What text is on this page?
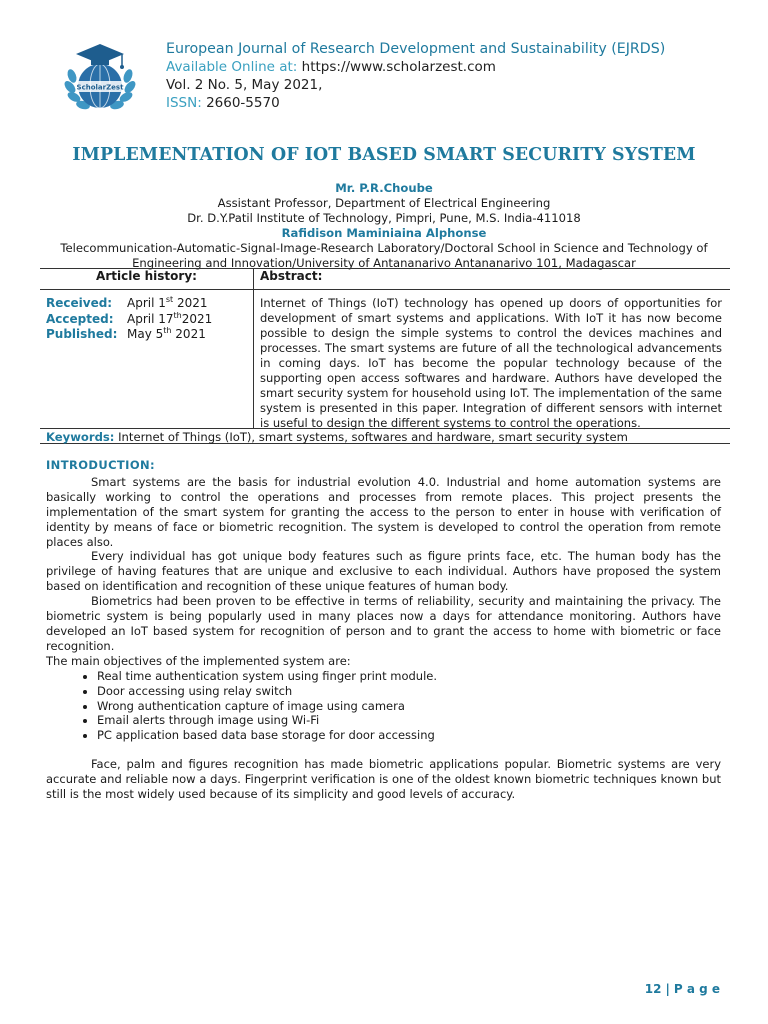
ScholarZest
European Journal of Research Development and Sustainability (EJRDS)
Available Online at: https://www.scholarzest.com
Vol. 2 No. 5, May 2021,
ISSN: 2660-5570
IMPLEMENTATION OF IOT BASED SMART SECURITY SYSTEM
Mr. P.R.Choube
Assistant Professor, Department of Electrical Engineering
Dr. D.Y.Patil Institute of Technology, Pimpri, Pune, M.S. India-411018
Rafidison Maminiaina Alphonse
Telecommunication-Automatic-Signal-Image-Research Laboratory/Doctoral School in Science and Technology of
Engineering and Innovation/University of Antananarivo Antananarivo 101, Madagascar
Article history:	Abstract:
Received: April 1st 2021
Accepted: April 17th2021
Published: May 5th 2021
Internet of Things (IoT) technology has opened up doors of opportunities for development of smart systems and applications. With IoT it has now become possible to design the simple systems to control the devices machines and processes. The smart systems are future of all the technological advancements in coming days. IoT has become the popular technology because of the supporting open access softwares and hardware. Authors have developed the smart security system for household using IoT. The implementation of the same system is presented in this paper. Integration of different sensors with internet is useful to design the different systems to control the operations.
Keywords: Internet of Things (IoT), smart systems, softwares and hardware, smart security system
INTRODUCTION:

Smart systems are the basis for industrial evolution 4.0. Industrial and home automation systems are basically working to control the operations and processes from remote places. This project presents the implementation of the smart system for granting the access to the person to enter in house with verification of identity by means of face or biometric recognition. The system is developed to control the operation from remote places also.

Every individual has got unique body features such as figure prints face, etc. The human body has the privilege of having features that are unique and exclusive to each individual. Authors have proposed the system based on identification and recognition of these unique features of human body.

Biometrics had been proven to be effective in terms of reliability, security and maintaining the privacy. The biometric system is being popularly used in many places now a days for attendance monitoring. Authors have developed an IoT based system for recognition of person and to grant the access to home with biometric or face recognition.

The main objectives of the implemented system are:

• Real time authentication system using finger print module.
• Door accessing using relay switch
• Wrong authentication capture of image using camera
• Email alerts through image using Wi-Fi
• PC application based data base storage for door accessing

Face, palm and figures recognition has made biometric applications popular. Biometric systems are very accurate and reliable now a days. Fingerprint verification is one of the oldest known biometric techniques known but still is the most widely used because of its simplicity and good levels of accuracy.

12 | P a g e
